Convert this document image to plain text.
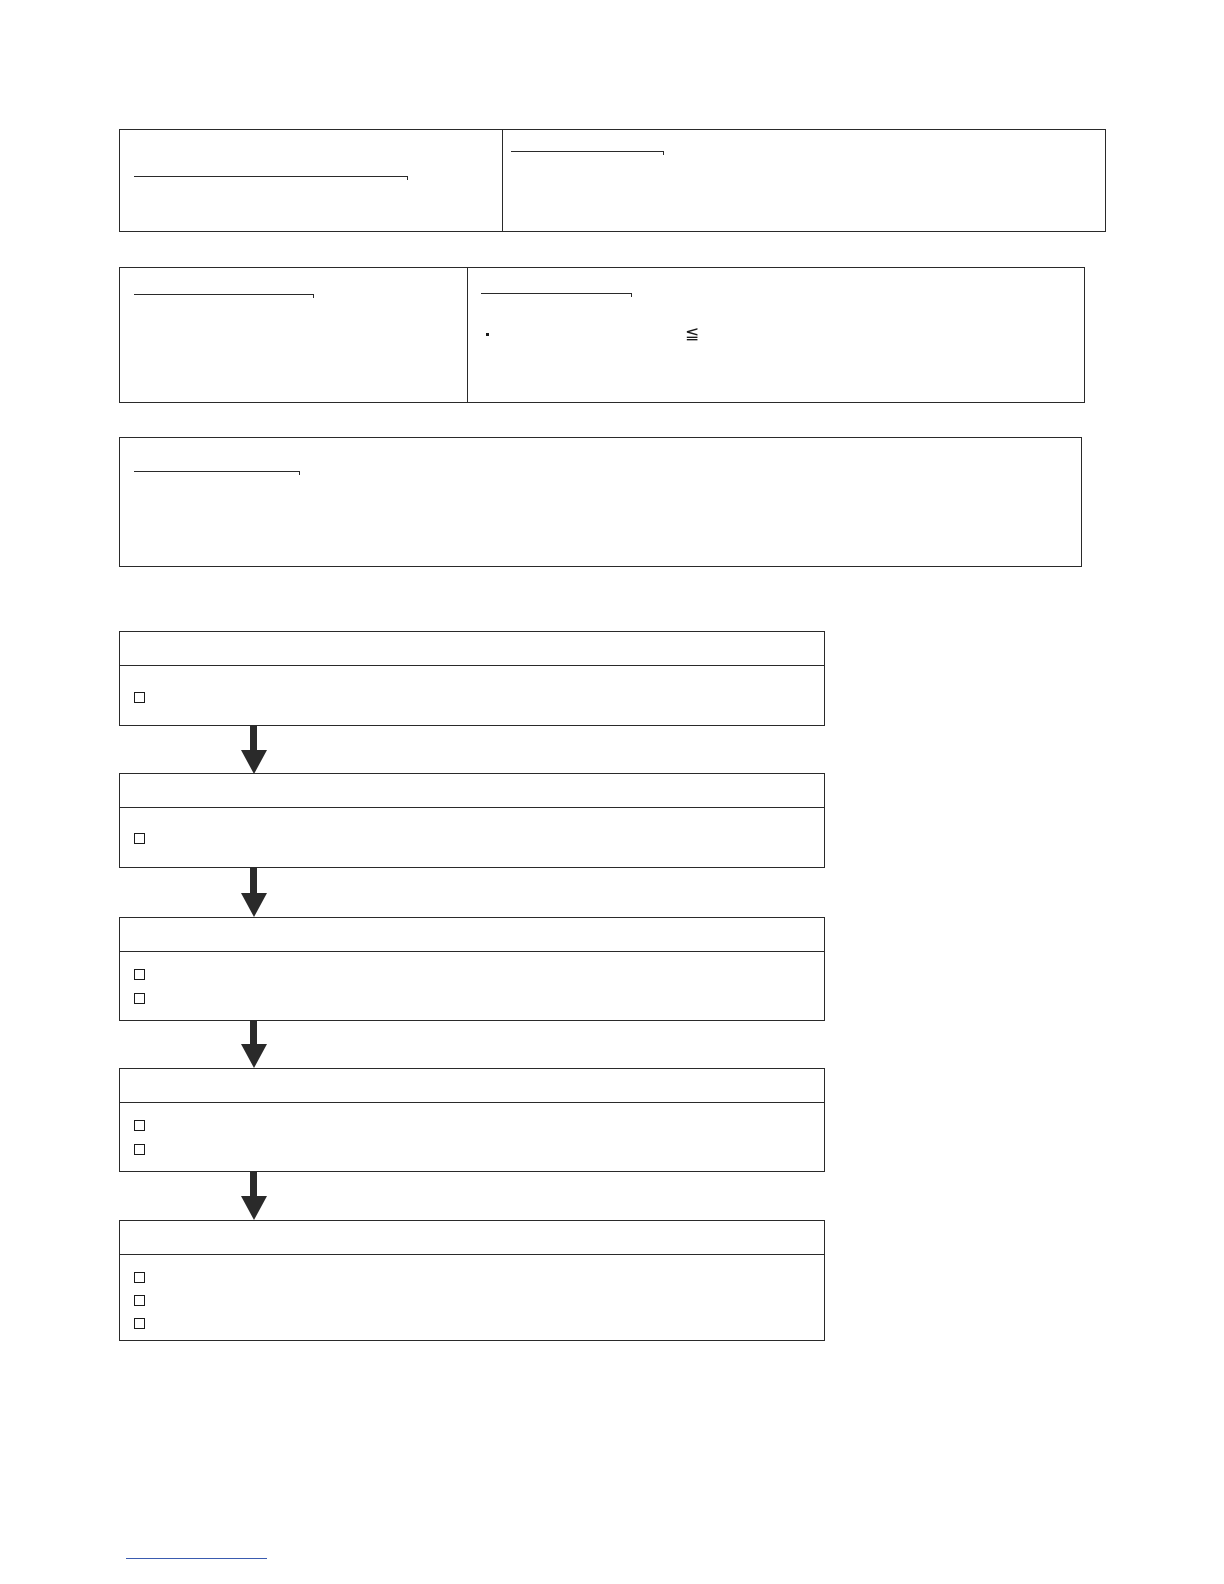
≦
